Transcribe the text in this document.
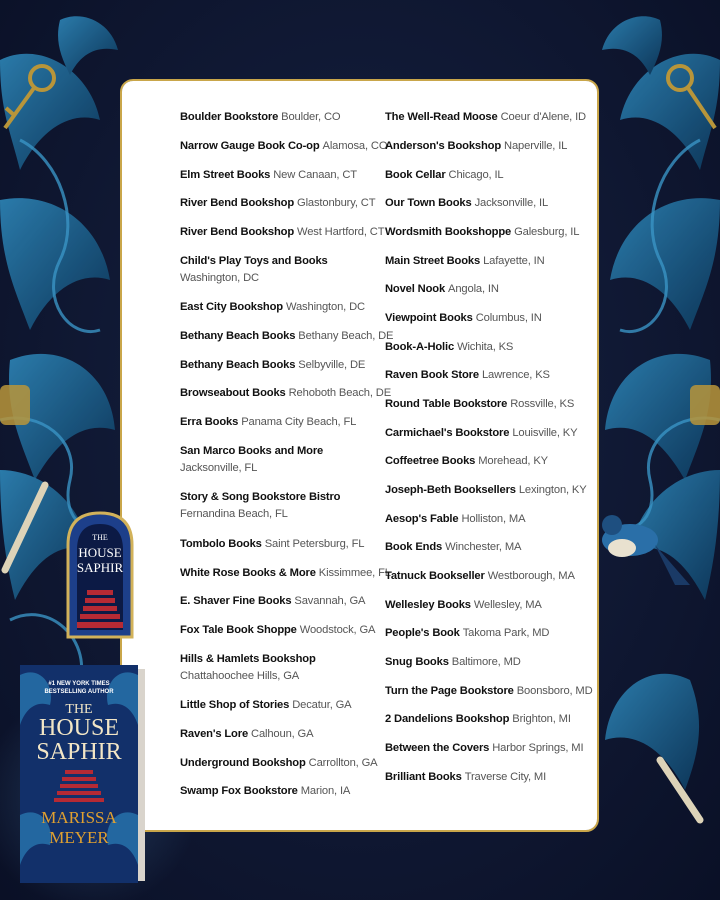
Boulder Bookstore Boulder, CO
Narrow Gauge Book Co-op Alamosa, CO
Elm Street Books New Canaan, CT
River Bend Bookshop Glastonbury, CT
River Bend Bookshop West Hartford, CT
Child's Play Toys and Books
Washington, DC
East City Bookshop Washington, DC
Bethany Beach Books Bethany Beach, DE
Bethany Beach Books Selbyville, DE
Browseabout Books Rehoboth Beach, DE
Erra Books Panama City Beach, FL
San Marco Books and More
Jacksonville, FL
Story & Song Bookstore Bistro
Fernandina Beach, FL
Tombolo Books Saint Petersburg, FL
White Rose Books & More Kissimmee, FL
E. Shaver Fine Books Savannah, GA
Fox Tale Book Shoppe Woodstock, GA
Hills & Hamlets Bookshop
Chattahoochee Hills, GA
Little Shop of Stories Decatur, GA
Raven's Lore Calhoun, GA
Underground Bookshop Carrollton, GA
Swamp Fox Bookstore Marion, IA
The Well-Read Moose Coeur d'Alene, ID
Anderson's Bookshop Naperville, IL
Book Cellar Chicago, IL
Our Town Books Jacksonville, IL
Wordsmith Bookshoppe Galesburg, IL
Main Street Books Lafayette, IN
Novel Nook Angola, IN
Viewpoint Books Columbus, IN
Book-A-Holic Wichita, KS
Raven Book Store Lawrence, KS
Round Table Bookstore Rossville, KS
Carmichael's Bookstore Louisville, KY
Coffeetree Books Morehead, KY
Joseph-Beth Booksellers Lexington, KY
Aesop's Fable Holliston, MA
Book Ends Winchester, MA
Tatnuck Bookseller Westborough, MA
Wellesley Books Wellesley, MA
People's Book Takoma Park, MD
Snug Books Baltimore, MD
Turn the Page Bookstore Boonsboro, MD
2 Dandelions Bookshop Brighton, MI
Between the Covers Harbor Springs, MI
Brilliant Books Traverse City, MI
THE
HOUSE
SAPHIR
#1 NEW YORK TIMES
BESTSELLING AUTHOR
THE
HOUSE
SAPHIR
MARISSA
MEYER
